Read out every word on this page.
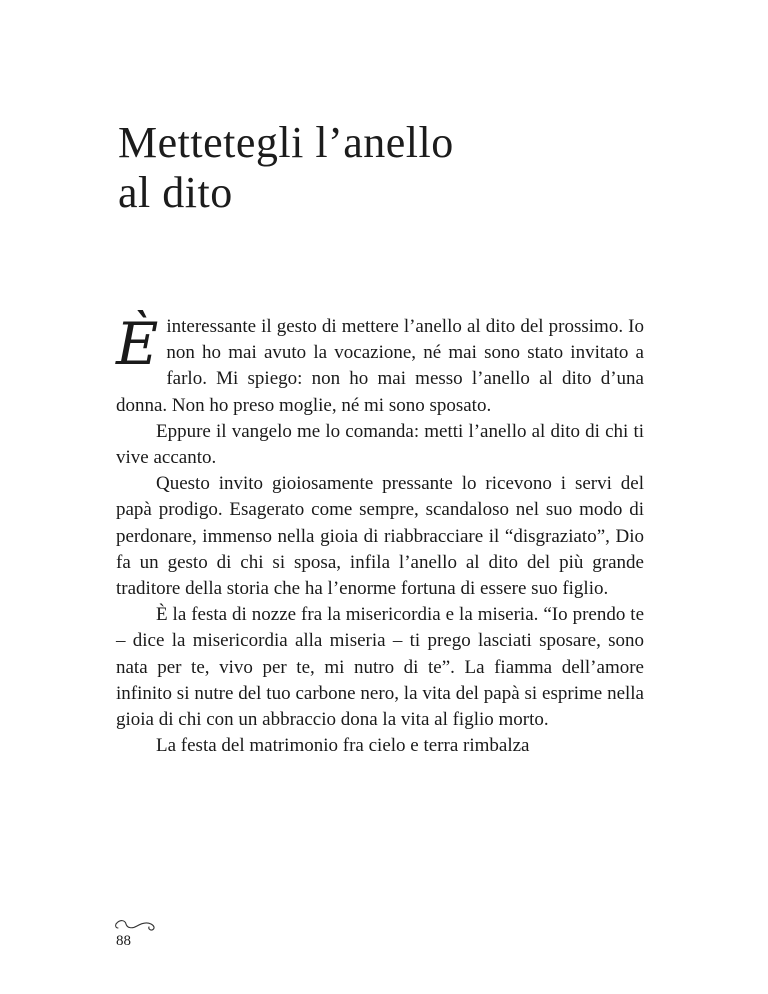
Mettetegli l’anello
al dito

È interessante il gesto di mettere l’anello al dito del prossimo. Io non ho mai avuto la vocazione, né mai sono stato invitato a farlo. Mi spiego: non ho mai messo l’anello al dito d’una donna. Non ho preso moglie, né mi sono sposato.

Eppure il vangelo me lo comanda: metti l’anello al dito di chi ti vive accanto.

Questo invito gioiosamente pressante lo ricevono i servi del papà prodigo. Esagerato come sempre, scandaloso nel suo modo di perdonare, immenso nella gioia di riabbracciare il “disgraziato”, Dio fa un gesto di chi si sposa, infila l’anello al dito del più grande traditore della storia che ha l’enorme fortuna di essere suo figlio.

È la festa di nozze fra la misericordia e la miseria. “Io prendo te – dice la misericordia alla miseria – ti prego lasciati sposare, sono nata per te, vivo per te, mi nutro di te”. La fiamma dell’amore infinito si nutre del tuo carbone nero, la vita del papà si esprime nella gioia di chi con un abbraccio dona la vita al figlio morto.

La festa del matrimonio fra cielo e terra rimbalza

88
